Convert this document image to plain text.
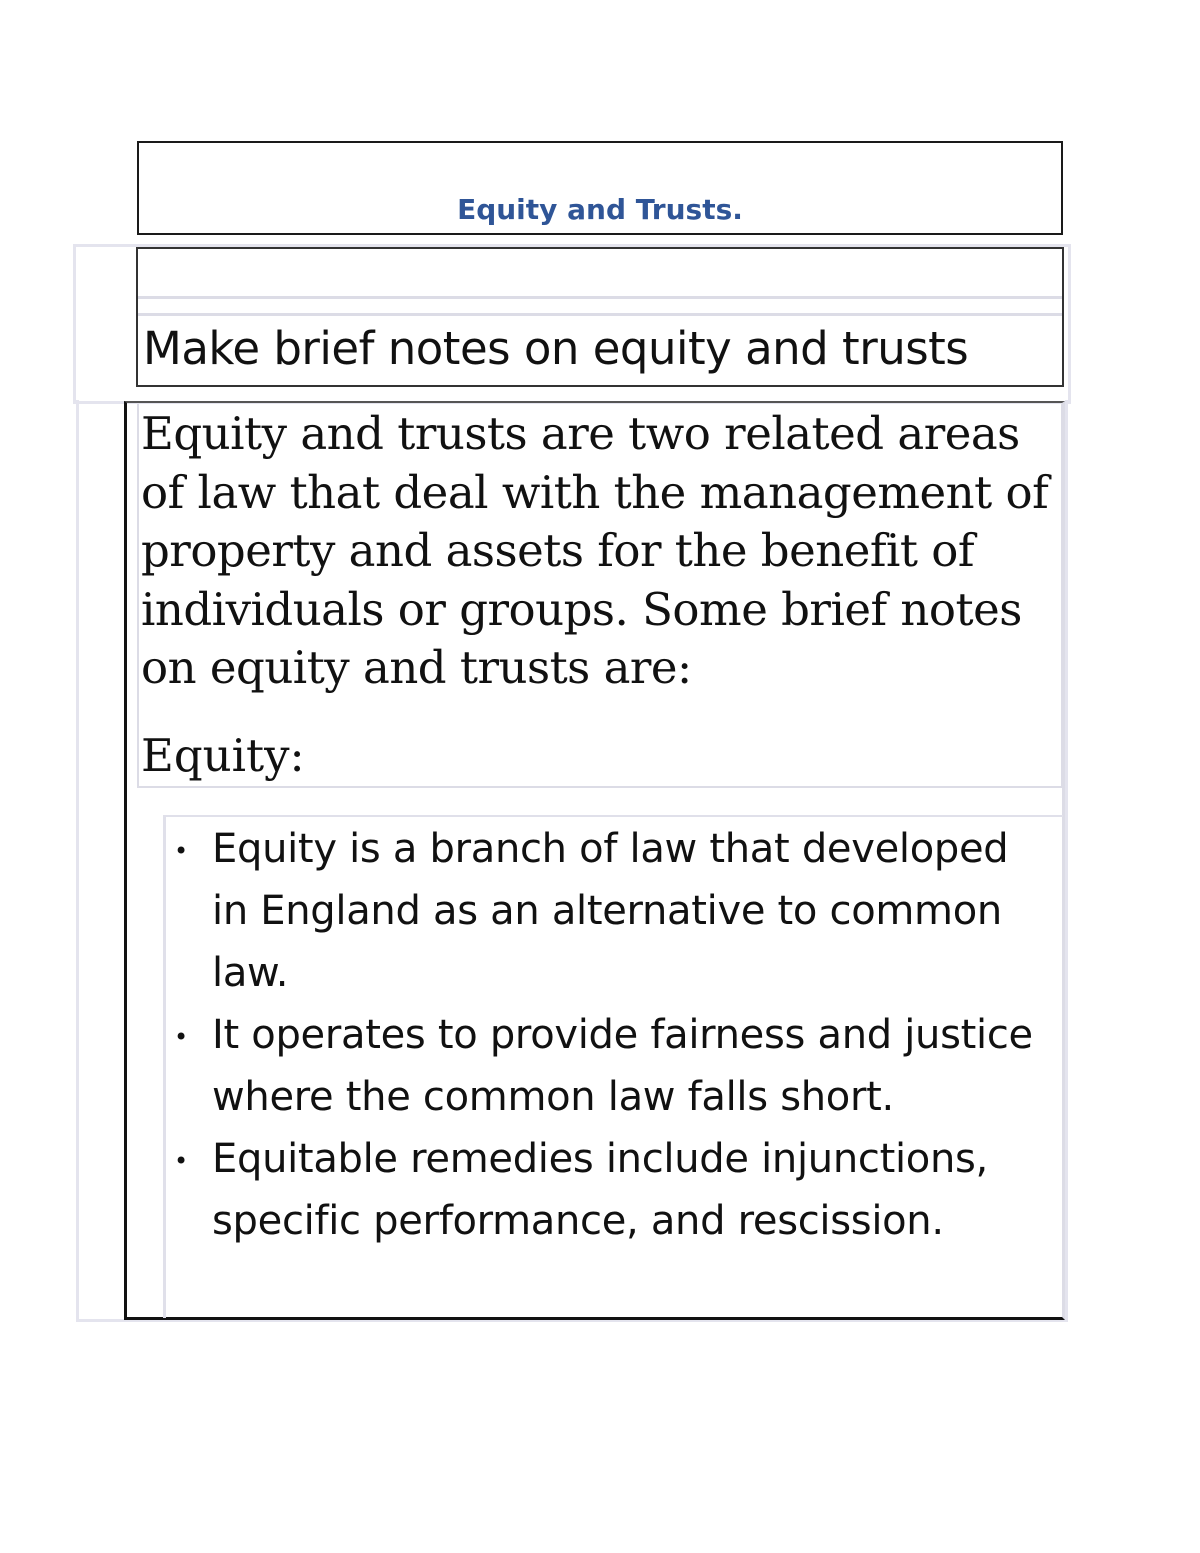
Equity and Trusts.
Make brief notes on equity and trusts
Equity and trusts are two related areas of law that deal with the management of property and assets for the benefit of individuals or groups. Some brief notes on equity and trusts are:
Equity:
• Equity is a branch of law that developed in England as an alternative to common law.
• It operates to provide fairness and justice where the common law falls short.
• Equitable remedies include injunctions, specific performance, and rescission.
